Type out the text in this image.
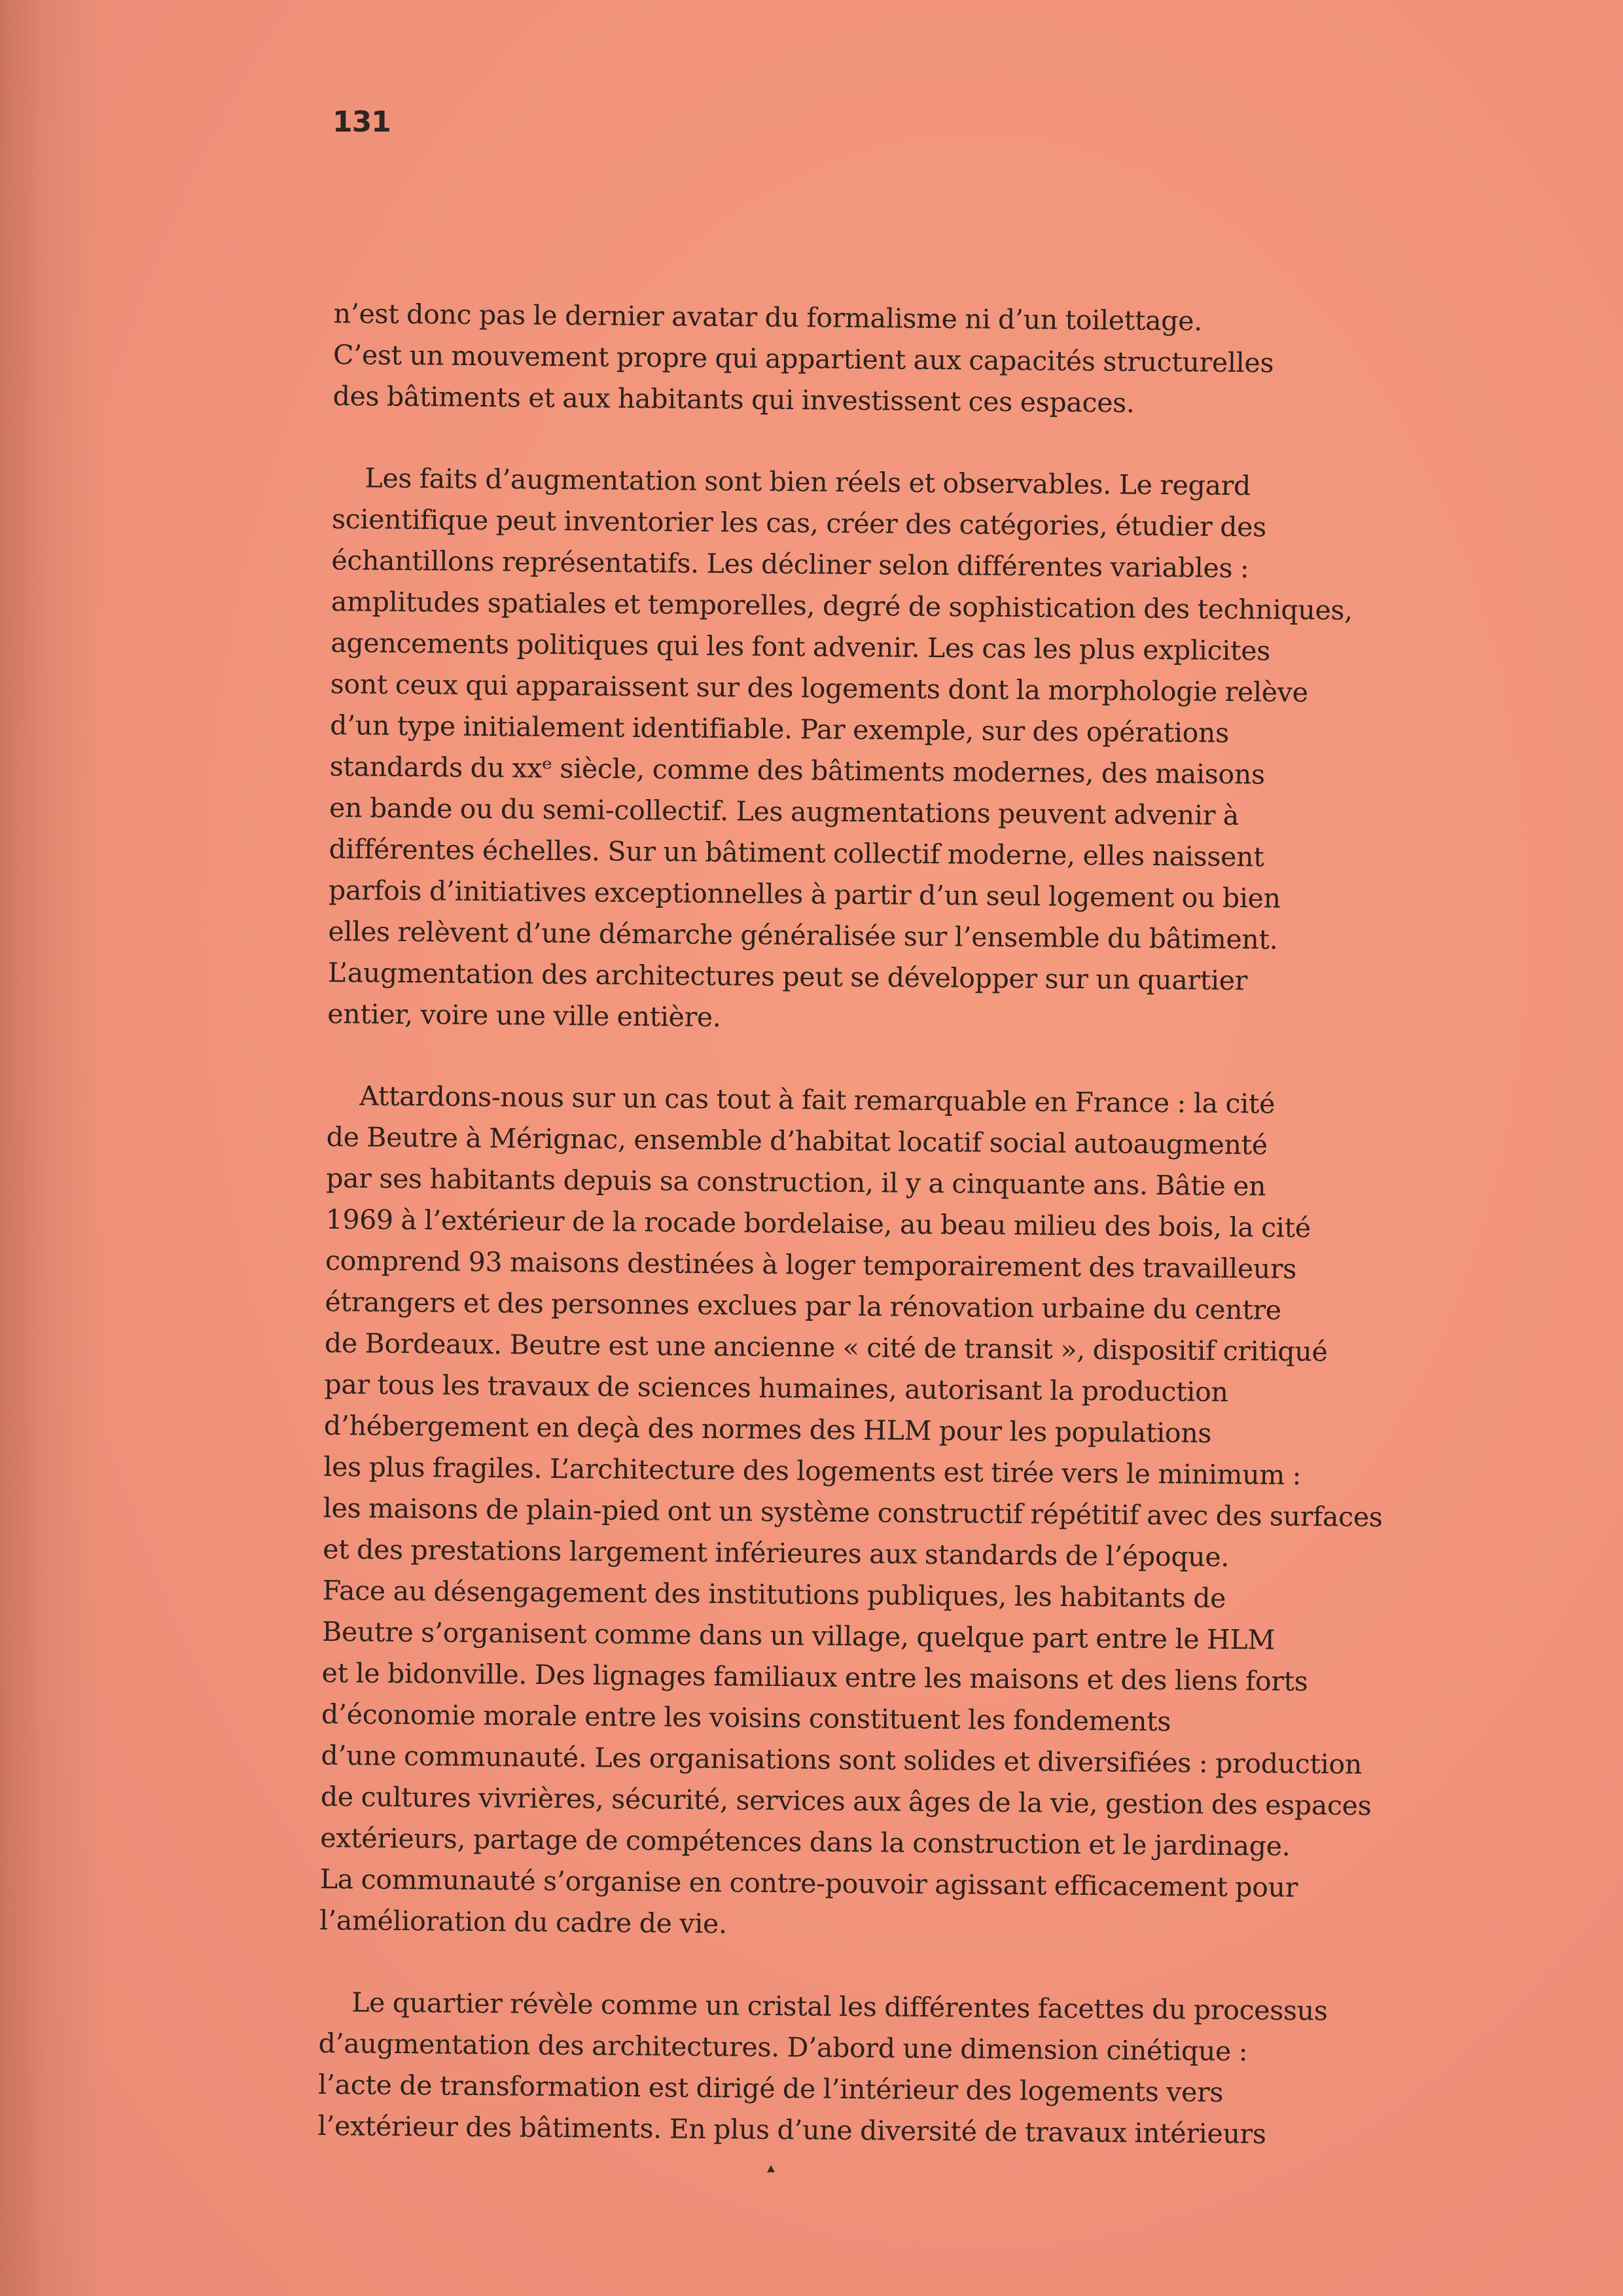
131

n’est donc pas le dernier avatar du formalisme ni d’un toilettage.
C’est un mouvement propre qui appartient aux capacités structurelles
des bâtiments et aux habitants qui investissent ces espaces.

Les faits d’augmentation sont bien réels et observables. Le regard
scientifique peut inventorier les cas, créer des catégories, étudier des
échantillons représentatifs. Les décliner selon différentes variables :
amplitudes spatiales et temporelles, degré de sophistication des techniques,
agencements politiques qui les font advenir. Les cas les plus explicites
sont ceux qui apparaissent sur des logements dont la morphologie relève
d’un type initialement identifiable. Par exemple, sur des opérations
standards du xxᵉ siècle, comme des bâtiments modernes, des maisons
en bande ou du semi-collectif. Les augmentations peuvent advenir à
différentes échelles. Sur un bâtiment collectif moderne, elles naissent
parfois d’initiatives exceptionnelles à partir d’un seul logement ou bien
elles relèvent d’une démarche généralisée sur l’ensemble du bâtiment.
L’augmentation des architectures peut se développer sur un quartier
entier, voire une ville entière.

Attardons-nous sur un cas tout à fait remarquable en France : la cité
de Beutre à Mérignac, ensemble d’habitat locatif social autoaugmenté
par ses habitants depuis sa construction, il y a cinquante ans. Bâtie en
1969 à l’extérieur de la rocade bordelaise, au beau milieu des bois, la cité
comprend 93 maisons destinées à loger temporairement des travailleurs
étrangers et des personnes exclues par la rénovation urbaine du centre
de Bordeaux. Beutre est une ancienne « cité de transit », dispositif critiqué
par tous les travaux de sciences humaines, autorisant la production
d’hébergement en deçà des normes des HLM pour les populations
les plus fragiles. L’architecture des logements est tirée vers le minimum :
les maisons de plain-pied ont un système constructif répétitif avec des surfaces
et des prestations largement inférieures aux standards de l’époque.
Face au désengagement des institutions publiques, les habitants de
Beutre s’organisent comme dans un village, quelque part entre le HLM
et le bidonville. Des lignages familiaux entre les maisons et des liens forts
d’économie morale entre les voisins constituent les fondements
d’une communauté. Les organisations sont solides et diversifiées : production
de cultures vivrières, sécurité, services aux âges de la vie, gestion des espaces
extérieurs, partage de compétences dans la construction et le jardinage.
La communauté s’organise en contre-pouvoir agissant efficacement pour
l’amélioration du cadre de vie.

Le quartier révèle comme un cristal les différentes facettes du processus
d’augmentation des architectures. D’abord une dimension cinétique :
l’acte de transformation est dirigé de l’intérieur des logements vers
l’extérieur des bâtiments. En plus d’une diversité de travaux intérieurs
